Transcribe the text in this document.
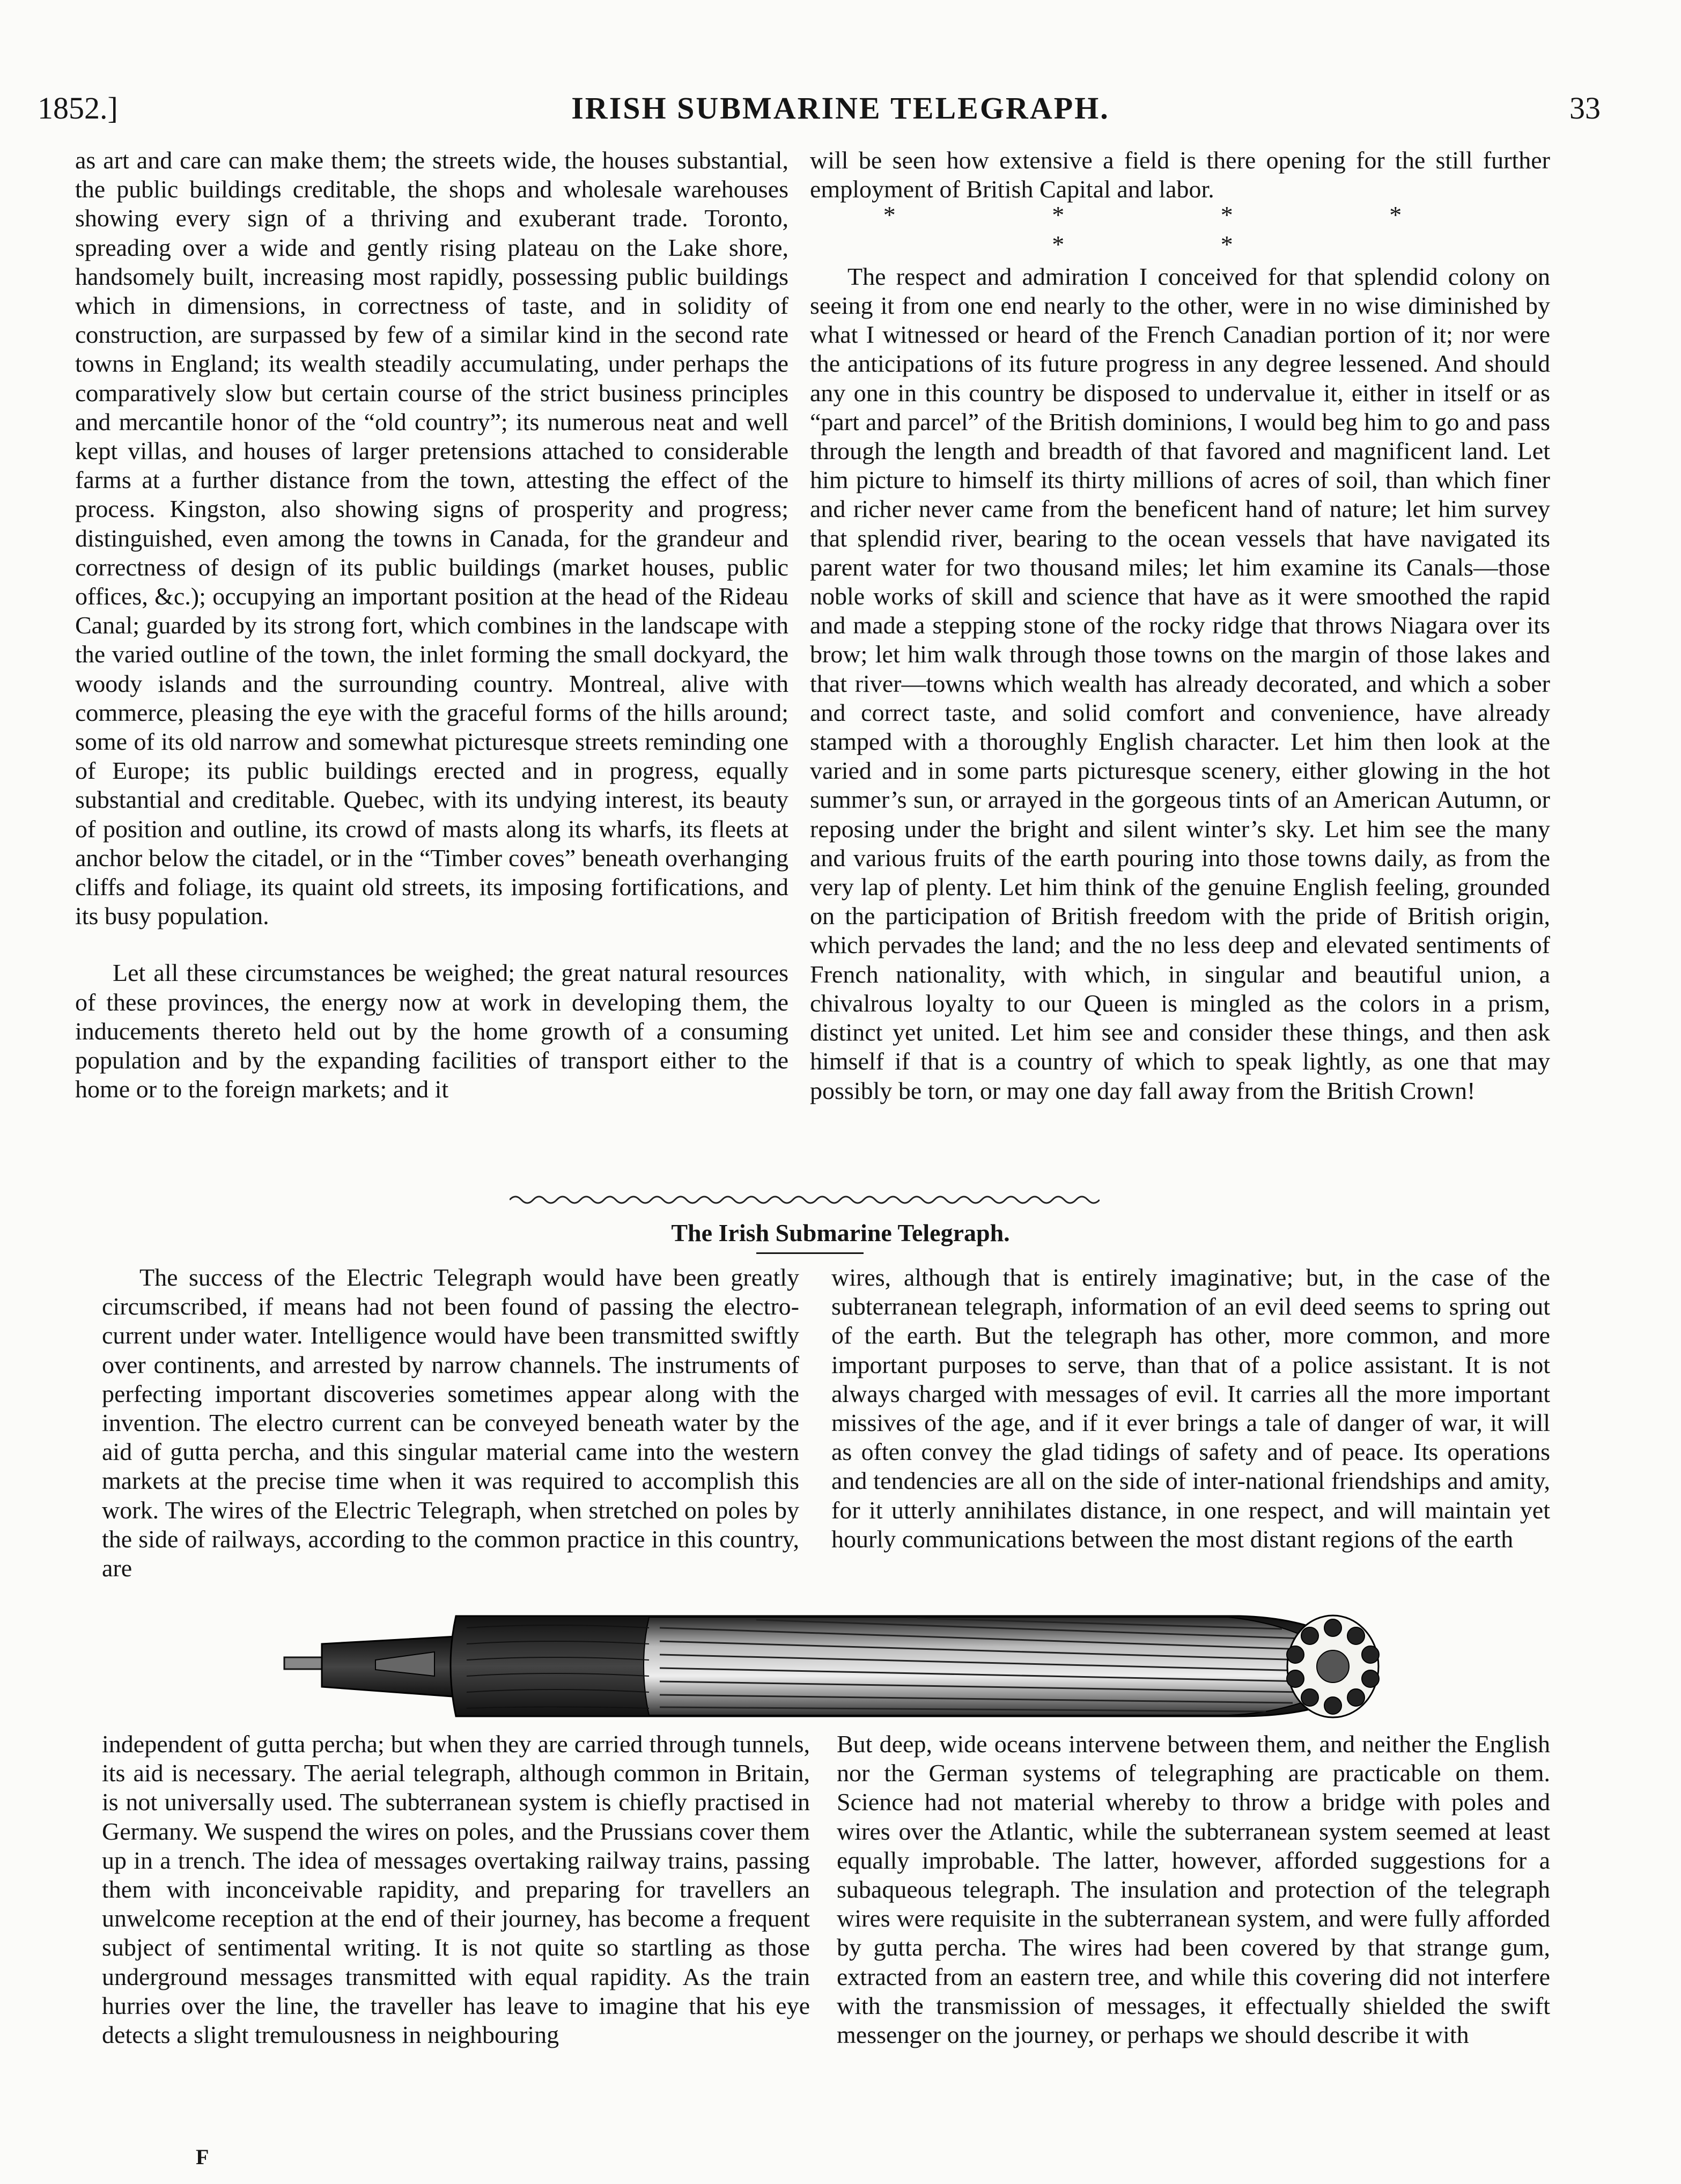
1852.]	IRISH SUBMARINE TELEGRAPH.	33

as art and care can make them; the streets wide, the houses substantial, the public buildings creditable, the shops and wholesale warehouses showing every sign of a thriving and exuberant trade. Toronto, spreading over a wide and gently rising plateau on the Lake shore, handsomely built, increasing most rapidly, possessing public buildings which in dimensions, in correctness of taste, and in solidity of construction, are surpassed by few of a similar kind in the second rate towns in England; its wealth steadily accumulating, under perhaps the comparatively slow but certain course of the strict business principles and mercantile honor of the “old country”; its numerous neat and well kept villas, and houses of larger pretensions attached to considerable farms at a further distance from the town, attesting the effect of the process. Kingston, also showing signs of prosperity and progress; distinguished, even among the towns in Canada, for the grandeur and correctness of design of its public buildings (market houses, public offices, &c.); occupying an important position at the head of the Rideau Canal; guarded by its strong fort, which combines in the landscape with the varied outline of the town, the inlet forming the small dockyard, the woody islands and the surrounding country. Montreal, alive with commerce, pleasing the eye with the graceful forms of the hills around; some of its old narrow and somewhat picturesque streets reminding one of Europe; its public buildings erected and in progress, equally substantial and creditable. Quebec, with its undying interest, its beauty of position and outline, its crowd of masts along its wharfs, its fleets at anchor below the citadel, or in the “Timber coves” beneath overhanging cliffs and foliage, its quaint old streets, its imposing fortifications, and its busy population.

Let all these circumstances be weighed; the great natural resources of these provinces, the energy now at work in developing them, the inducements thereto held out by the home growth of a consuming population and by the expanding facilities of transport either to the home or to the foreign markets; and it

will be seen how extensive a field is there opening for the still further employment of British Capital and labor.

* * * * * *

The respect and admiration I conceived for that splendid colony on seeing it from one end nearly to the other, were in no wise diminished by what I witnessed or heard of the French Canadian portion of it; nor were the anticipations of its future progress in any degree lessened. And should any one in this country be disposed to undervalue it, either in itself or as “part and parcel” of the British dominions, I would beg him to go and pass through the length and breadth of that favored and magnificent land. Let him picture to himself its thirty millions of acres of soil, than which finer and richer never came from the beneficent hand of nature; let him survey that splendid river, bearing to the ocean vessels that have navigated its parent water for two thousand miles; let him examine its Canals—those noble works of skill and science that have as it were smoothed the rapid and made a stepping stone of the rocky ridge that throws Niagara over its brow; let him walk through those towns on the margin of those lakes and that river—towns which wealth has already decorated, and which a sober and correct taste, and solid comfort and convenience, have already stamped with a thoroughly English character. Let him then look at the varied and in some parts picturesque scenery, either glowing in the hot summer’s sun, or arrayed in the gorgeous tints of an American Autumn, or reposing under the bright and silent winter’s sky. Let him see the many and various fruits of the earth pouring into those towns daily, as from the very lap of plenty. Let him think of the genuine English feeling, grounded on the participation of British freedom with the pride of British origin, which pervades the land; and the no less deep and elevated sentiments of French nationality, with which, in singular and beautiful union, a chivalrous loyalty to our Queen is mingled as the colors in a prism, distinct yet united. Let him see and consider these things, and then ask himself if that is a country of which to speak lightly, as one that may possibly be torn, or may one day fall away from the British Crown!

The Irish Submarine Telegraph.

The success of the Electric Telegraph would have been greatly circumscribed, if means had not been found of passing the electro-current under water. Intelligence would have been transmitted swiftly over continents, and arrested by narrow channels. The instruments of perfecting important discoveries sometimes appear along with the invention. The electro current can be conveyed beneath water by the aid of gutta percha, and this singular material came into the western markets at the precise time when it was required to accomplish this work. The wires of the Electric Telegraph, when stretched on poles by the side of railways, according to the common practice in this country, are

wires, although that is entirely imaginative; but, in the case of the subterranean telegraph, information of an evil deed seems to spring out of the earth. But the telegraph has other, more common, and more important purposes to serve, than that of a police assistant. It is not always charged with messages of evil. It carries all the more important missives of the age, and if it ever brings a tale of danger of war, it will as often convey the glad tidings of safety and of peace. Its operations and tendencies are all on the side of inter-national friendships and amity, for it utterly annihilates distance, in one respect, and will maintain yet hourly communications between the most distant regions of the earth

independent of gutta percha; but when they are carried through tunnels, its aid is necessary. The aerial telegraph, although common in Britain, is not universally used. The subterranean system is chiefly practised in Germany. We suspend the wires on poles, and the Prussians cover them up in a trench. The idea of messages overtaking railway trains, passing them with inconceivable rapidity, and preparing for travellers an unwelcome reception at the end of their journey, has become a frequent subject of sentimental writing. It is not quite so startling as those underground messages transmitted with equal rapidity. As the train hurries over the line, the traveller has leave to imagine that his eye detects a slight tremulousness in neighbouring

But deep, wide oceans intervene between them, and neither the English nor the German systems of telegraphing are practicable on them. Science had not material whereby to throw a bridge with poles and wires over the Atlantic, while the subterranean system seemed at least equally improbable. The latter, however, afforded suggestions for a subaqueous telegraph. The insulation and protection of the telegraph wires were requisite in the subterranean system, and were fully afforded by gutta percha. The wires had been covered by that strange gum, extracted from an eastern tree, and while this covering did not interfere with the transmission of messages, it effectually shielded the swift messenger on the journey, or perhaps we should describe it with

F
